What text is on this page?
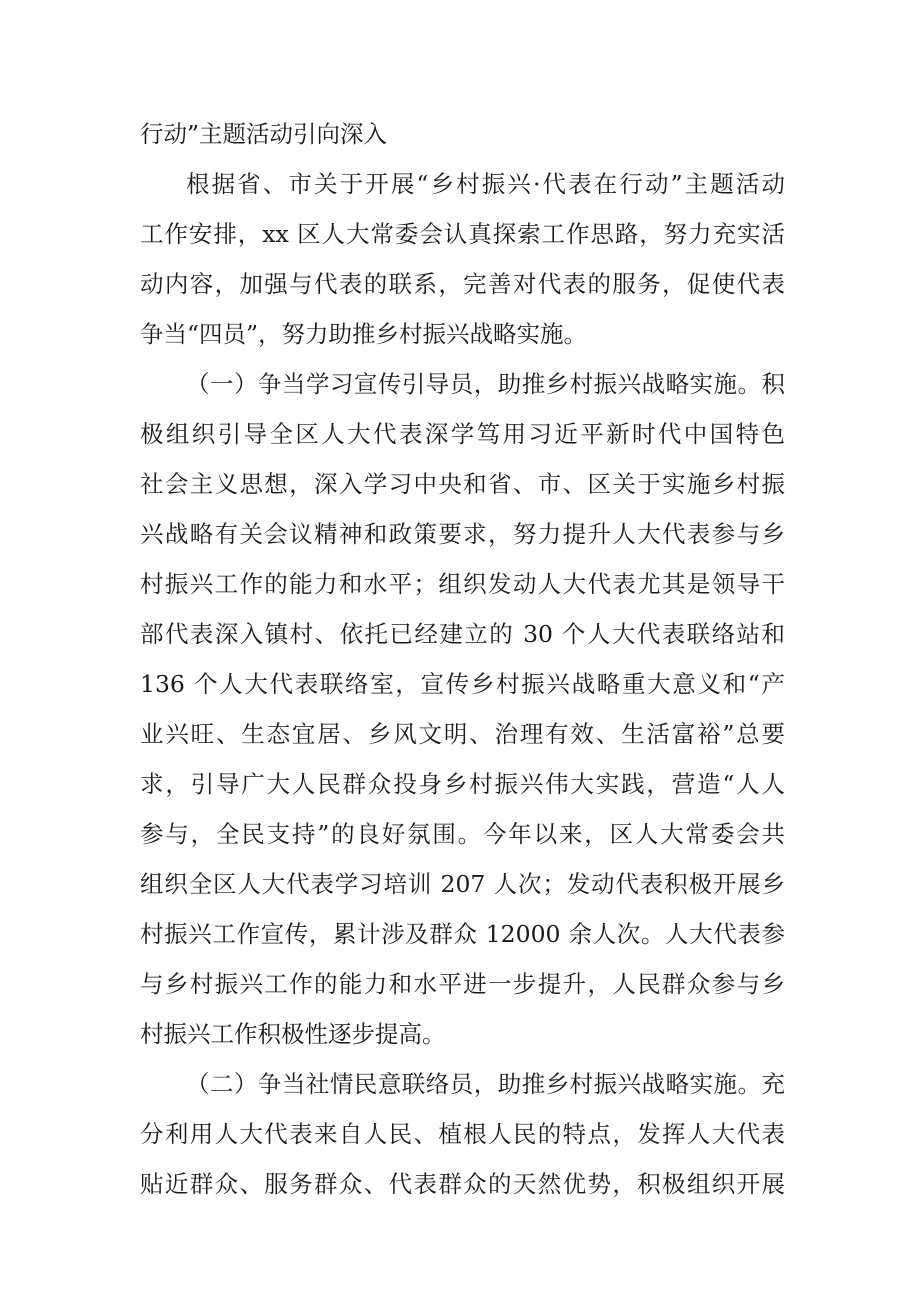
行动”主题活动引向深入
根据省、市关于开展“乡村振兴·代表在行动”主题活动
工作安排，xx 区人大常委会认真探索工作思路，努力充实活
动内容，加强与代表的联系，完善对代表的服务，促使代表
争当“四员”，努力助推乡村振兴战略实施。
（一）争当学习宣传引导员，助推乡村振兴战略实施。积
极组织引导全区人大代表深学笃用习近平新时代中国特色
社会主义思想，深入学习中央和省、市、区关于实施乡村振
兴战略有关会议精神和政策要求，努力提升人大代表参与乡
村振兴工作的能力和水平；组织发动人大代表尤其是领导干
部代表深入镇村、依托已经建立的 30 个人大代表联络站和
136 个人大代表联络室，宣传乡村振兴战略重大意义和“产
业兴旺、生态宜居、乡风文明、治理有效、生活富裕”总要
求，引导广大人民群众投身乡村振兴伟大实践，营造“人人
参与，全民支持”的良好氛围。今年以来，区人大常委会共
组织全区人大代表学习培训 207 人次；发动代表积极开展乡
村振兴工作宣传，累计涉及群众 12000 余人次。人大代表参
与乡村振兴工作的能力和水平进一步提升，人民群众参与乡
村振兴工作积极性逐步提高。
（二）争当社情民意联络员，助推乡村振兴战略实施。充
分利用人大代表来自人民、植根人民的特点，发挥人大代表
贴近群众、服务群众、代表群众的天然优势，积极组织开展
